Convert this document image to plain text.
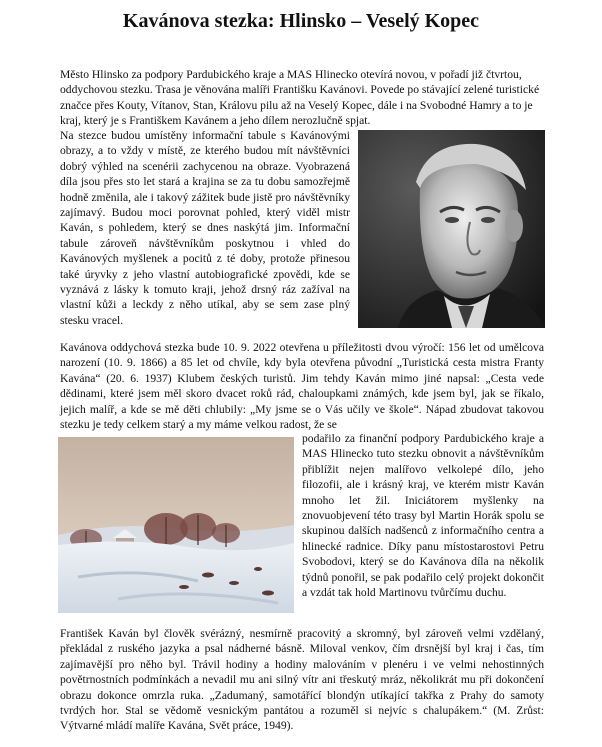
Kavánova stezka: Hlinsko – Veselý Kopec

Město Hlinsko za podpory Pardubického kraje a MAS Hlinecko otevírá novou, v pořadí již čtvrtou, oddychovou stezku. Trasa je věnována malíři Františku Kavánovi. Povede po stávající zelené turistické značce přes Kouty, Vítanov, Stan, Královu pilu až na Veselý Kopec, dále i na Svobodné Hamry a to je kraj, který je s Františkem Kavánem a jeho dílem nerozlučně spjat.

Na stezce budou umístěny informační tabule s Kavánovými obrazy, a to vždy v místě, ze kterého budou mít návštěvníci dobrý výhled na scenérii zachycenou na obraze. Vyobrazená díla jsou přes sto let stará a krajina se za tu dobu samozřejmě hodně změnila, ale i takový zážitek bude jistě pro návštěvníky zajímavý. Budou moci porovnat pohled, který viděl mistr Kaván, s pohledem, který se dnes naskýtá jim. Informační tabule zároveň návštěvníkům poskytnou i vhled do Kavánových myšlenek a pocitů z té doby, protože přinesou také úryvky z jeho vlastní autobiografické zpovědi, kde se vyznává z lásky k tomuto kraji, jehož drsný ráz zažíval na vlastní kůži a leckdy z něho utíkal, aby se sem zase plný stesku vracel.

Kavánova oddychová stezka bude 10. 9. 2022 otevřena u příležitosti dvou výročí: 156 let od umělcova narození (10. 9. 1866) a 85 let od chvíle, kdy byla otevřena původní „Turistická cesta mistra Franty Kavána“ (20. 6. 1937) Klubem českých turistů. Jim tehdy Kaván mimo jiné napsal: „Cesta vede dědinami, které jsem měl skoro dvacet roků rád, chaloupkami známých, kde jsem byl, jak se říkalo, jejich malíř, a kde se mě děti chlubily: „My jsme se o Vás učily ve škole“. Nápad zbudovat takovou stezku je tedy celkem starý a my máme velkou radost, že se

podařilo za finanční podpory Pardubického kraje a MAS Hlinecko tuto stezku obnovit a návštěvníkům přiblížit nejen malířovo velkolepé dílo, jeho filozofii, ale i krásný kraj, ve kterém mistr Kaván mnoho let žil. Iniciátorem myšlenky na znovuobjevení této trasy byl Martin Horák spolu se skupinou dalších nadšenců z informačního centra a hlinecké radnice. Díky panu místostarostovi Petru Svobodovi, který se do Kavánova díla na několik týdnů ponořil, se pak podařilo celý projekt dokončit a vzdát tak hold Martinovu tvůrčímu duchu.

František Kaván byl člověk svérázný, nesmírně pracovitý a skromný, byl zároveň velmi vzdělaný, překládal z ruského jazyka a psal nádherné básně. Miloval venkov, čím drsnější byl kraj i čas, tím zajímavější pro něho byl. Trávil hodiny a hodiny malováním v plenéru i ve velmi nehostinných povětrnostních podmínkách a nevadil mu ani silný vítr ani třeskutý mráz, několikrát mu při dokončení obrazu dokonce omrzla ruka. „Zadumaný, samotářící blondýn utíkající takřka z Prahy do samoty tvrdých hor. Stal se vědomě vesnickým pantátou a rozuměl si nejvíc s chalupákem.“ (M. Zrůst: Výtvarné mládí malíře Kavána, Svět práce, 1949).
